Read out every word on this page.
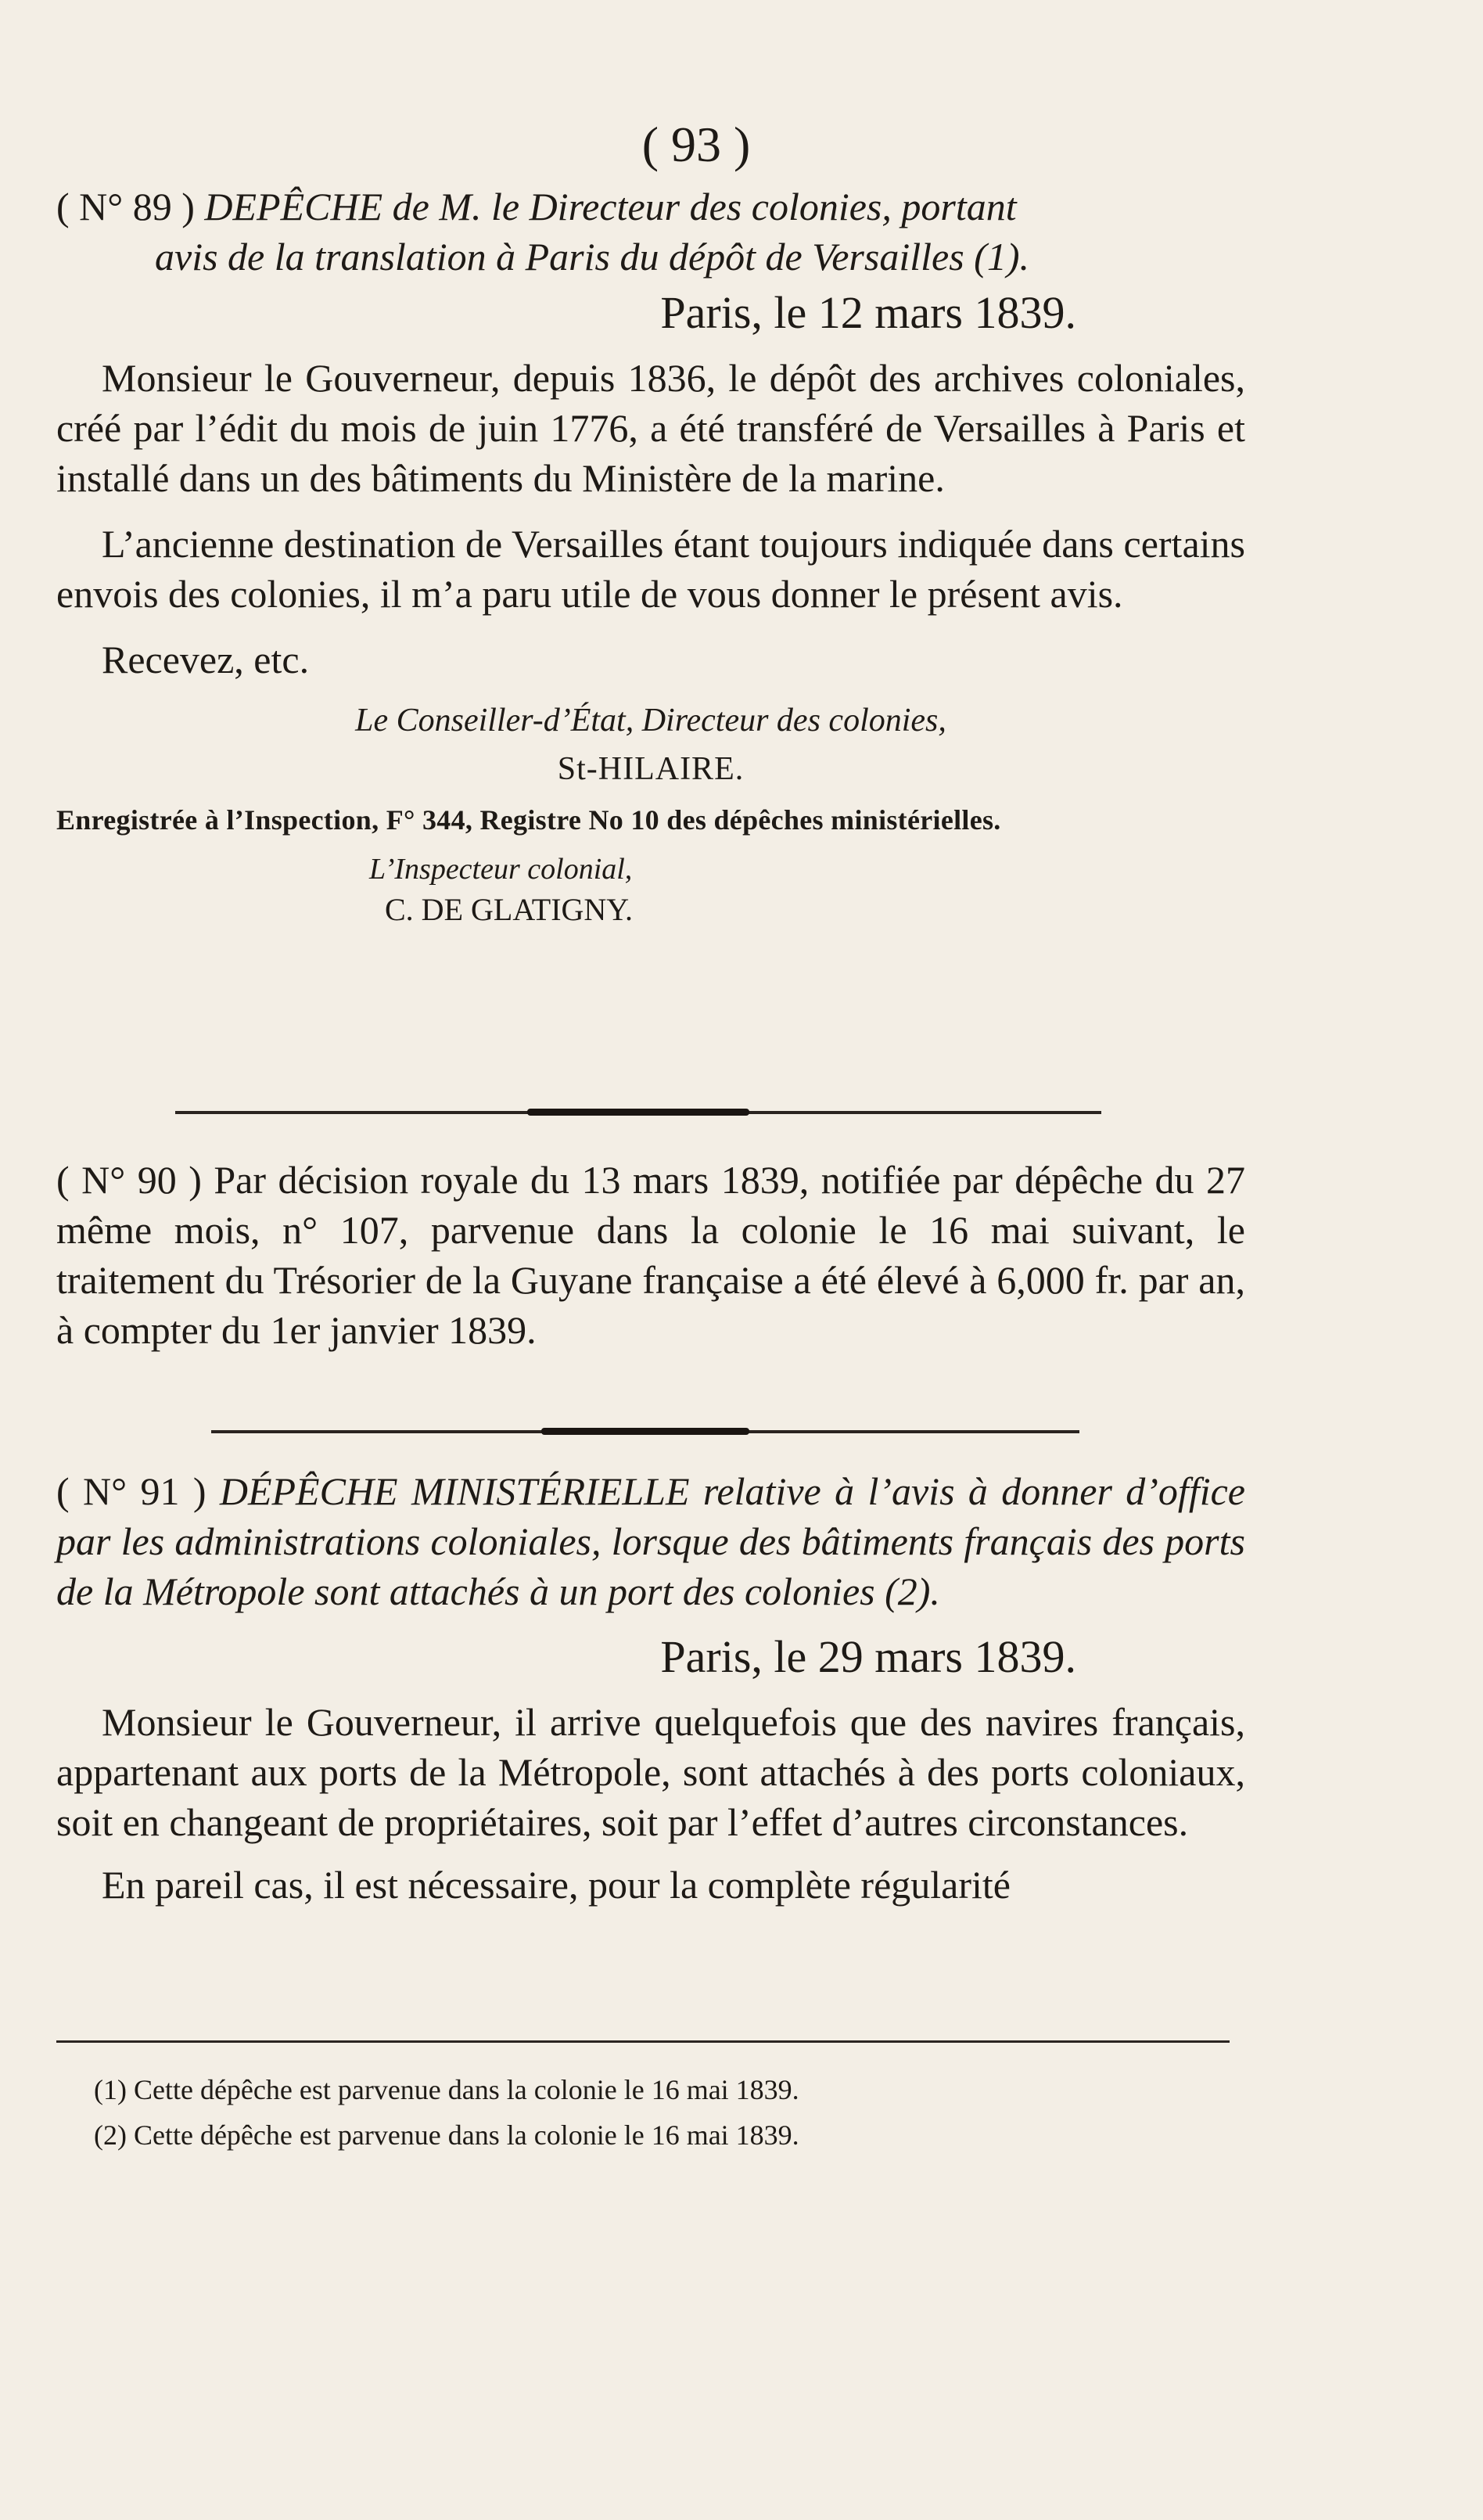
( 93 )

( N° 89 ) DEPÊCHE de M. le Directeur des colonies, portant

avis de la translation à Paris du dépôt de Versailles (1).

Paris, le 12 mars 1839.

Monsieur le Gouverneur, depuis 1836, le dépôt des archives coloniales, créé par l’édit du mois de juin 1776, a été transféré de Versailles à Paris et installé dans un des bâtiments du Ministère de la marine.

L’ancienne destination de Versailles étant toujours indiquée dans certains envois des colonies, il m’a paru utile de vous donner le présent avis.

Recevez, etc.

Le Conseiller-d’État, Directeur des colonies,

St-HILAIRE.

Enregistrée à l’Inspection, F° 344, Registre No 10 des dépêches ministérielles.

L’Inspecteur colonial,

C. DE GLATIGNY.

( N° 90 ) Par décision royale du 13 mars 1839, notifiée par dépêche du 27 même mois, n° 107, parvenue dans la colonie le 16 mai suivant, le traitement du Trésorier de la Guyane française a été élevé à 6,000 fr. par an, à compter du 1er janvier 1839.

( N° 91 ) DÉPÊCHE MINISTÉRIELLE relative à l’avis à donner d’office par les administrations coloniales, lorsque des bâtiments français des ports de la Métropole sont attachés à un port des colonies (2).

Paris, le 29 mars 1839.

Monsieur le Gouverneur, il arrive quelquefois que des navires français, appartenant aux ports de la Métropole, sont attachés à des ports coloniaux, soit en changeant de propriétaires, soit par l’effet d’autres circonstances.

En pareil cas, il est nécessaire, pour la complète régularité

(1) Cette dépêche est parvenue dans la colonie le 16 mai 1839.
(2) Cette dépêche est parvenue dans la colonie le 16 mai 1839.
